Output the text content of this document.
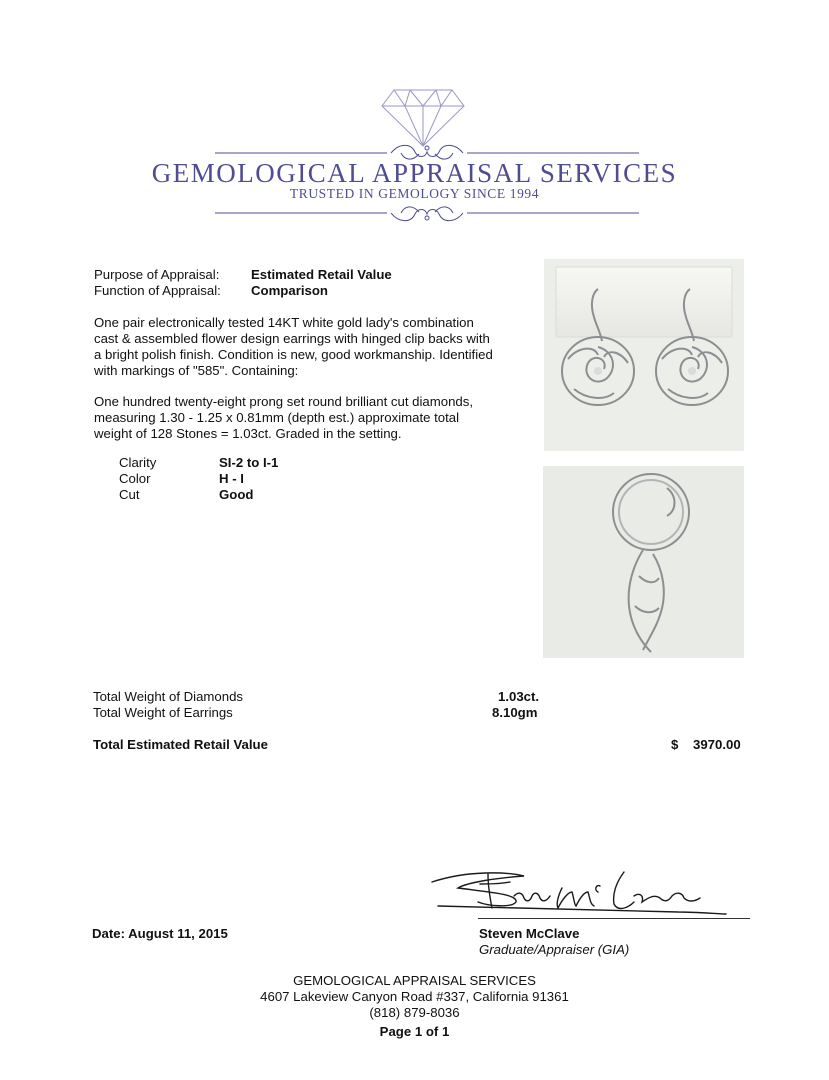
GEMOLOGICAL APPRAISAL SERVICES
TRUSTED IN GEMOLOGY SINCE 1994
Purpose of Appraisal: Estimated Retail Value
Function of Appraisal: Comparison
One pair electronically tested 14KT white gold lady's combination cast & assembled flower design earrings with hinged clip backs with a bright polish finish. Condition is new, good workmanship. Identified with markings of "585". Containing:
One hundred twenty-eight prong set round brilliant cut diamonds, measuring 1.30 - 1.25 x 0.81mm (depth est.) approximate total weight of 128 Stones = 1.03ct. Graded in the setting.
Clarity	SI-2 to I-1
Color	H - I
Cut	Good
Total Weight of Diamonds	1.03ct.
Total Weight of Earrings	8.10gm
Total Estimated Retail Value	$ 3970.00
Date: August 11, 2015	Steven McClave
Graduate/Appraiser (GIA)
GEMOLOGICAL APPRAISAL SERVICES
4607 Lakeview Canyon Road #337, California 91361
(818) 879-8036
Page 1 of 1
